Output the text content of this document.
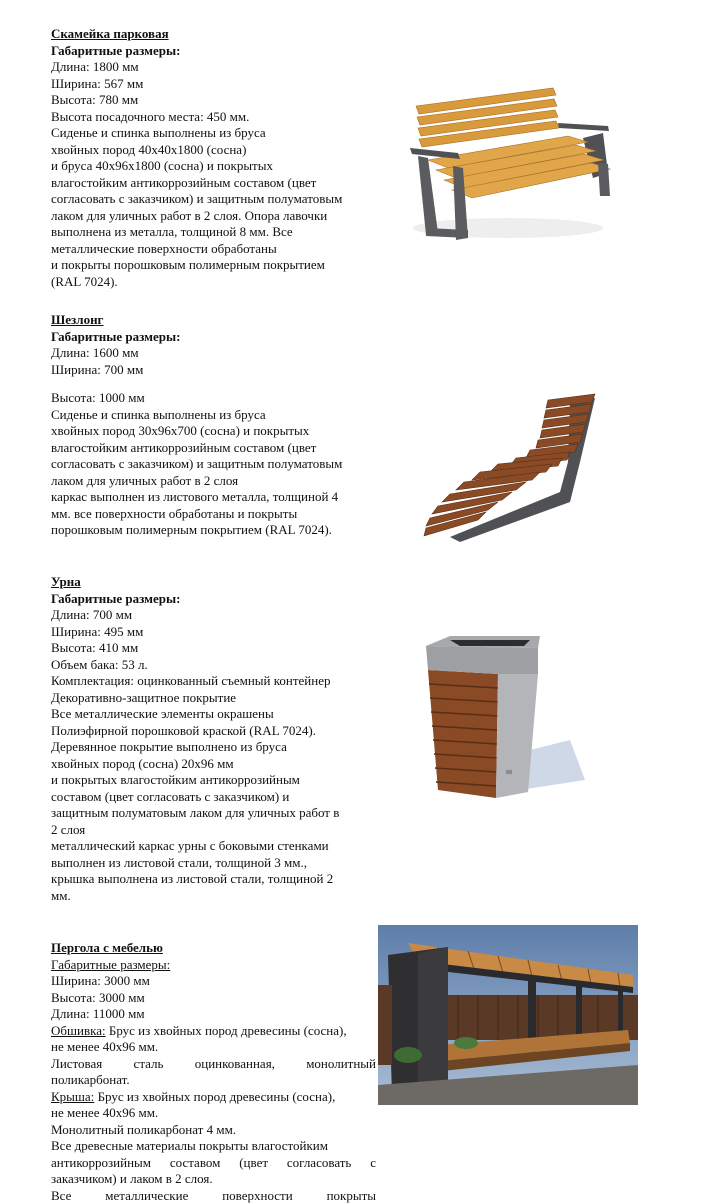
Скамейка парковая
Габаритные размеры:
Длина: 1800 мм
Ширина: 567 мм
Высота: 780 мм
Высота посадочного места: 450 мм.
Сиденье и спинка выполнены из бруса
хвойных пород 40х40х1800 (сосна)
и бруса 40х96х1800 (сосна) и покрытых
влагостойким антикоррозийным составом (цвет
согласовать с заказчиком) и защитным полуматовым
лаком для уличных работ в 2 слоя. Опора лавочки
выполнена из металла, толщиной 8 мм. Все
металлические поверхности обработаны
и покрыты порошковым полимерным покрытием
(RAL 7024).
Шезлонг
Габаритные размеры:
Длина: 1600 мм
Ширина: 700 мм
Высота: 1000 мм
Сиденье и спинка выполнены из бруса
хвойных пород 30х96х700 (сосна) и покрытых
влагостойким антикоррозийным составом (цвет
согласовать с заказчиком) и защитным полуматовым
лаком для уличных работ в 2 слоя
каркас выполнен из листового металла, толщиной 4
мм. все поверхности обработаны и покрыты
порошковым полимерным покрытием (RAL 7024).
Урна
Габаритные размеры:
Длина: 700 мм
Ширина: 495 мм
Высота: 410 мм
Объем бака: 53 л.
Комплектация: оцинкованный съемный контейнер
Декоративно-защитное покрытие
Все металлические элементы окрашены
Полиэфирной порошковой краской (RAL 7024).
Деревянное покрытие выполнено из бруса
хвойных пород (сосна) 20х96 мм
и покрытых влагостойким антикоррозийным
составом (цвет согласовать с заказчиком) и
защитным полуматовым лаком для уличных работ в
2 слоя
металлический каркас урны с боковыми стенками
выполнен из листовой стали, толщиной 3 мм.,
крышка выполнена из листовой стали, толщиной 2
мм.
Пергола с мебелью
Габаритные размеры:
Ширина: 3000 мм
Высота: 3000 мм
Длина: 11000 мм
Обшивка: Брус из хвойных пород древесины (сосна),
не менее 40х96 мм.
Листовая сталь оцинкованная, монолитный
поликарбонат.
Крыша: Брус из хвойных пород древесины (сосна),
не менее 40х96 мм.
Монолитный поликарбонат 4 мм.
Все древесные материалы покрыты влагостойким
антикоррозийным составом (цвет согласовать с
заказчиком) и лаком в 2 слоя.
Все металлические поверхности покрыты
